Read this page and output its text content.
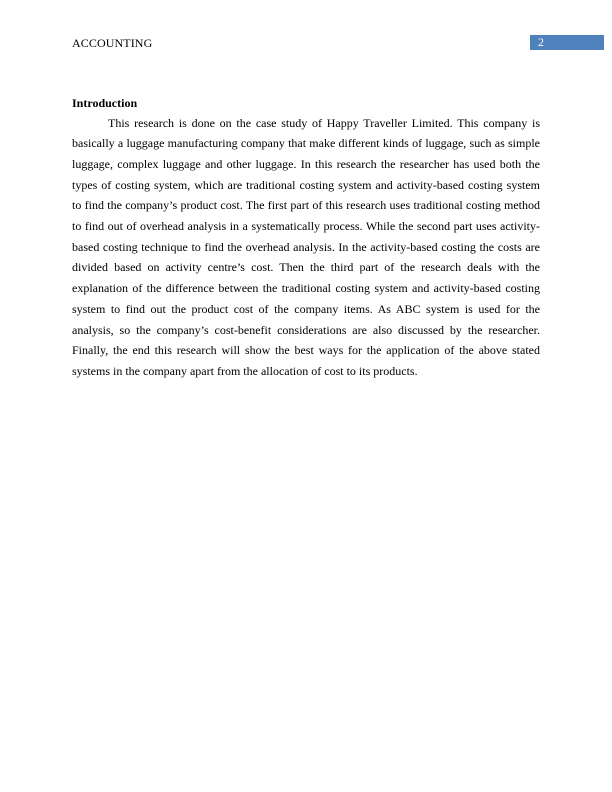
ACCOUNTING	2
Introduction

This research is done on the case study of Happy Traveller Limited. This company is basically a luggage manufacturing company that make different kinds of luggage, such as simple luggage, complex luggage and other luggage. In this research the researcher has used both the types of costing system, which are traditional costing system and activity-based costing system to find the company’s product cost. The first part of this research uses traditional costing method to find out of overhead analysis in a systematically process. While the second part uses activity-based costing technique to find the overhead analysis. In the activity-based costing the costs are divided based on activity centre’s cost. Then the third part of the research deals with the explanation of the difference between the traditional costing system and activity-based costing system to find out the product cost of the company items. As ABC system is used for the analysis, so the company’s cost-benefit considerations are also discussed by the researcher. Finally, the end this research will show the best ways for the application of the above stated systems in the company apart from the allocation of cost to its products.
